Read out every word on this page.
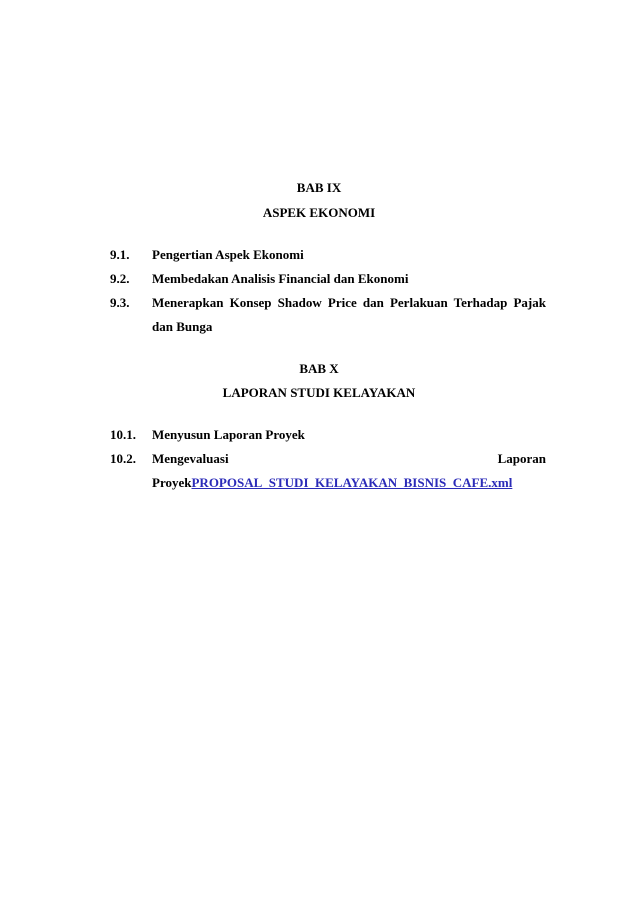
BAB IX
ASPEK EKONOMI
9.1. Pengertian Aspek Ekonomi
9.2. Membedakan Analisis Financial dan Ekonomi
9.3. Menerapkan Konsep Shadow Price dan Perlakuan Terhadap Pajak
dan Bunga
BAB X
LAPORAN STUDI KELAYAKAN
10.1. Menyusun Laporan Proyek
10.2. Mengevaluasi	Laporan
ProyekPROPOSAL_STUDI_KELAYAKAN_BISNIS_CAFE.xml
